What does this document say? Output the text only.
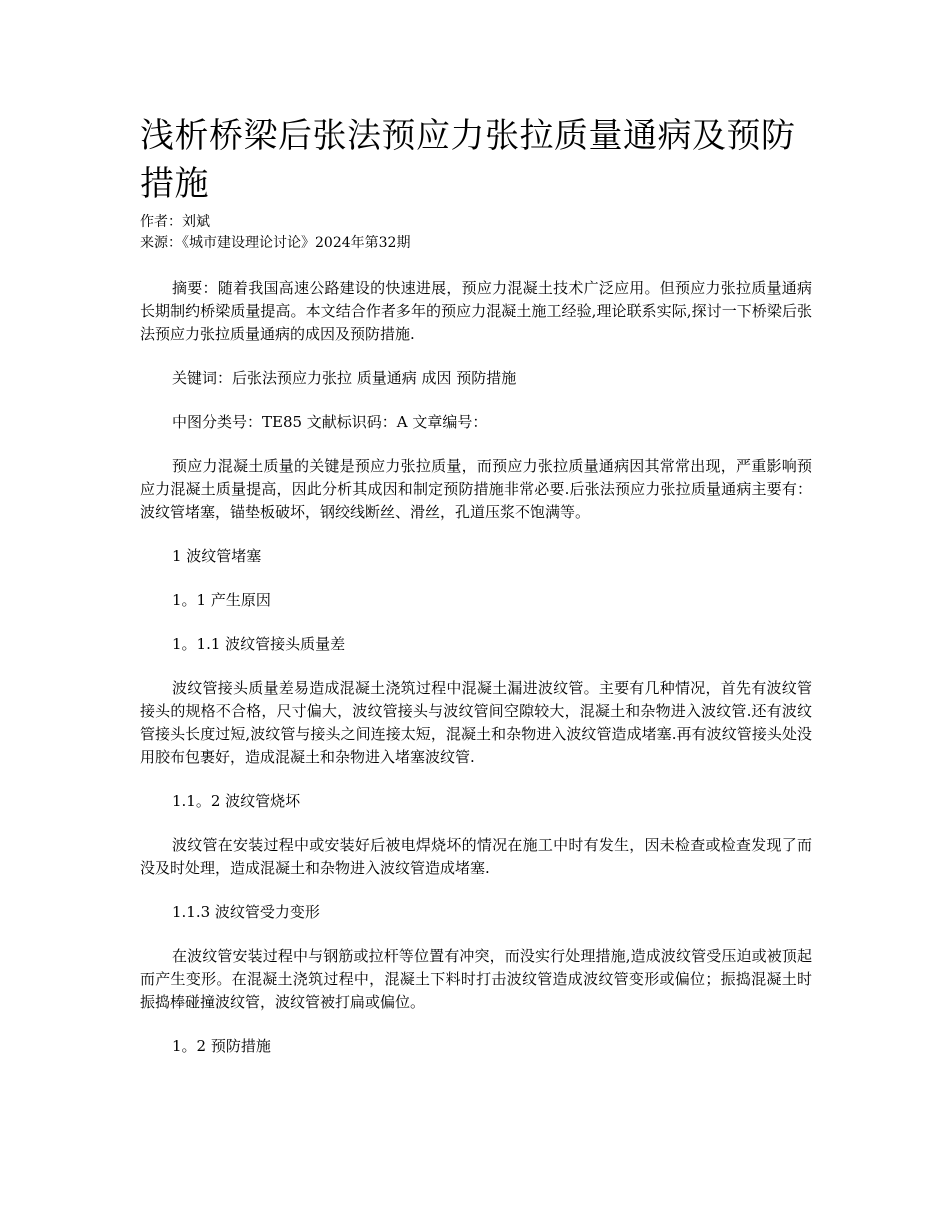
浅析桥梁后张法预应力张拉质量通病及预防措施
作者：刘斌
来源：《城市建设理论讨论》2024年第32期

摘要：随着我国高速公路建设的快速进展，预应力混凝土技术广泛应用。但预应力张拉质量通病长期制约桥梁质量提高。本文结合作者多年的预应力混凝土施工经验,理论联系实际,探讨一下桥梁后张法预应力张拉质量通病的成因及预防措施.

关键词：后张法预应力张拉 质量通病 成因 预防措施

中图分类号：TE85 文献标识码：A 文章编号：

预应力混凝土质量的关键是预应力张拉质量，而预应力张拉质量通病因其常常出现，严重影响预应力混凝土质量提高，因此分析其成因和制定预防措施非常必要.后张法预应力张拉质量通病主要有：波纹管堵塞，锚垫板破坏，钢绞线断丝、滑丝，孔道压浆不饱满等。

1 波纹管堵塞

1。1 产生原因

1。1.1 波纹管接头质量差

波纹管接头质量差易造成混凝土浇筑过程中混凝土漏进波纹管。主要有几种情况，首先有波纹管接头的规格不合格，尺寸偏大，波纹管接头与波纹管间空隙较大，混凝土和杂物进入波纹管.还有波纹管接头长度过短,波纹管与接头之间连接太短，混凝土和杂物进入波纹管造成堵塞.再有波纹管接头处没用胶布包裹好，造成混凝土和杂物进入堵塞波纹管.

1.1。2 波纹管烧坏

波纹管在安装过程中或安装好后被电焊烧坏的情况在施工中时有发生，因未检查或检查发现了而没及时处理，造成混凝土和杂物进入波纹管造成堵塞.

1.1.3 波纹管受力变形

在波纹管安装过程中与钢筋或拉杆等位置有冲突，而没实行处理措施,造成波纹管受压迫或被顶起而产生变形。在混凝土浇筑过程中，混凝土下料时打击波纹管造成波纹管变形或偏位；振捣混凝土时振捣棒碰撞波纹管，波纹管被打扁或偏位。

1。2 预防措施
